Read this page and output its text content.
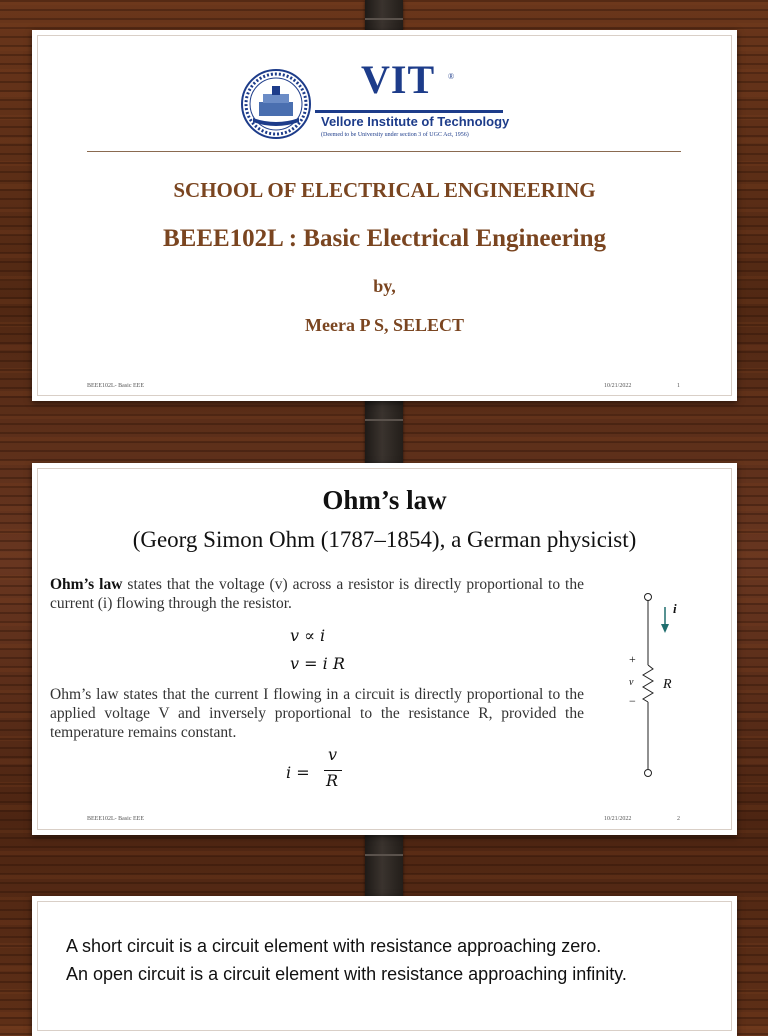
VIT ®
Vellore Institute of Technology
(Deemed to be University under section 3 of UGC Act, 1956)
SCHOOL OF ELECTRICAL ENGINEERING
BEEE102L : Basic Electrical Engineering
by,
Meera P S, SELECT
BEEE102L- Basic EEE	10/21/2022	1
Ohm’s law
(Georg Simon Ohm (1787–1854), a German physicist)
Ohm’s law states that the voltage (v) across a resistor is directly proportional to the current (i) flowing through the resistor.
v ∝ i
v = i R
Ohm’s law states that the current I flowing in a circuit is directly proportional to the applied voltage V and inversely proportional to the resistance R, provided the temperature remains constant.
i =
v
R
i
+
v
−
R
BEEE102L- Basic EEE	10/21/2022	2
A short circuit is a circuit element with resistance approaching zero.
An open circuit is a circuit element with resistance approaching infinity.
